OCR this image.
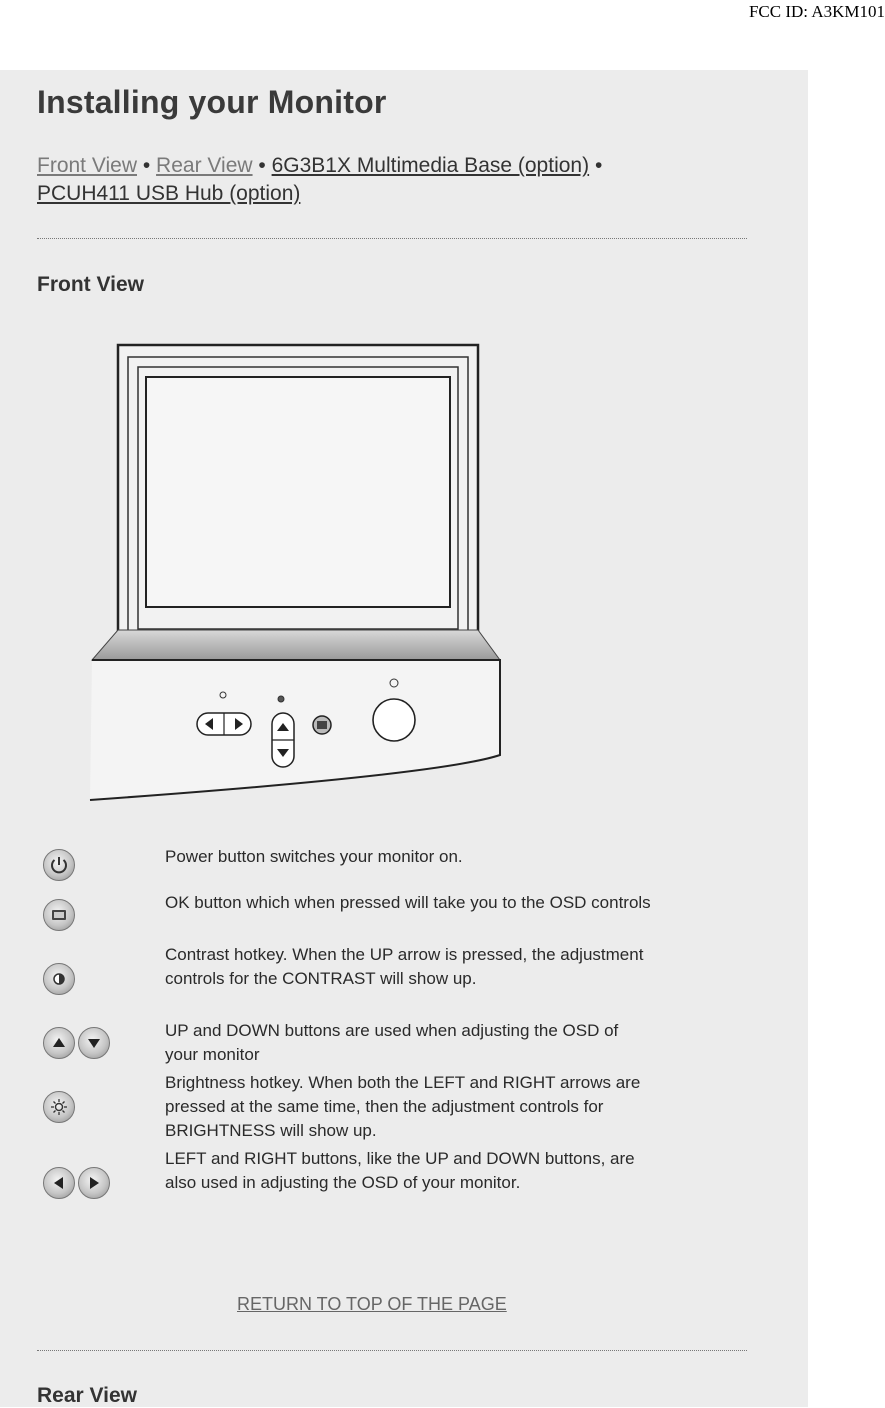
FCC ID: A3KM101
Installing your Monitor
Front View • Rear View • 6G3B1X Multimedia Base (option) •
PCUH411 USB Hub (option)
Front View
Power button switches your monitor on.
OK button which when pressed will take you to the OSD controls
Contrast hotkey. When the UP arrow is pressed, the adjustment controls for the CONTRAST will show up.
UP and DOWN buttons are used when adjusting the OSD of your monitor
Brightness hotkey. When both the LEFT and RIGHT arrows are pressed at the same time, then the adjustment controls for BRIGHTNESS will show up.
LEFT and RIGHT buttons, like the UP and DOWN buttons, are also used in adjusting the OSD of your monitor.
RETURN TO TOP OF THE PAGE
Rear View
